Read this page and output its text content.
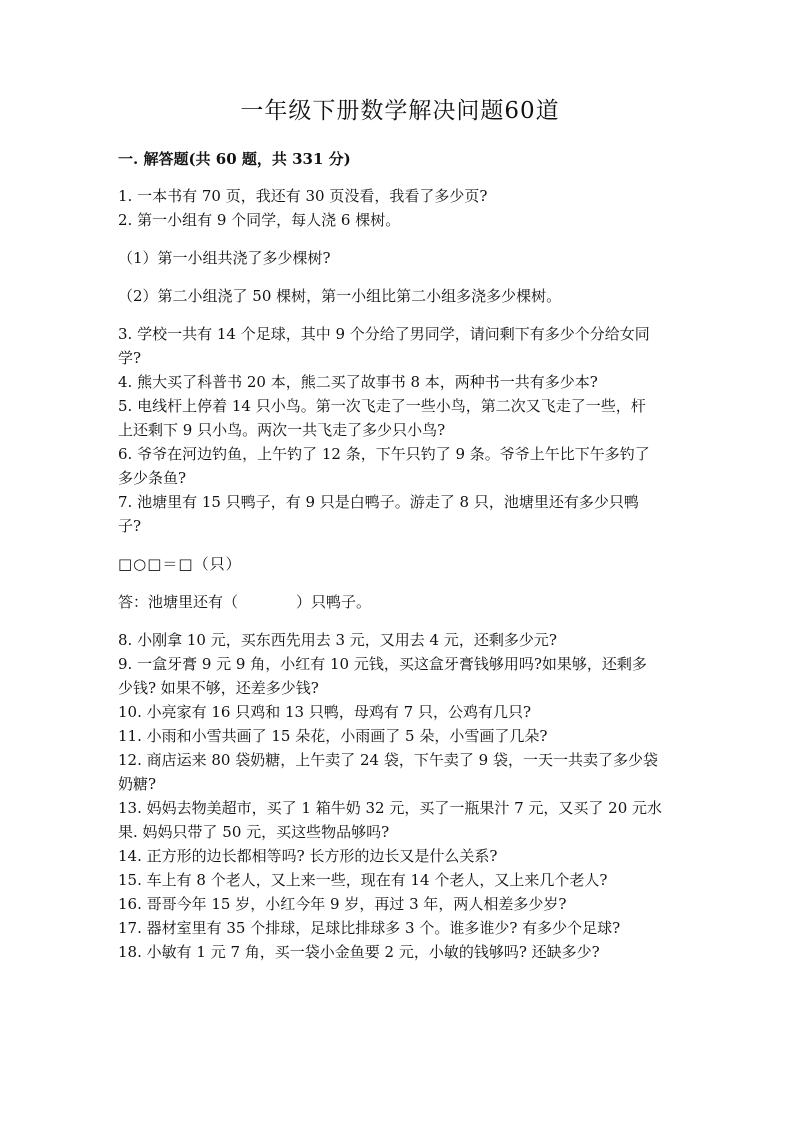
一年级下册数学解决问题60道
一. 解答题(共 60 题，共 331 分)
1. 一本书有 70 页，我还有 30 页没看，我看了多少页?
2. 第一小组有 9 个同学，每人浇 6 棵树。
（1）第一小组共浇了多少棵树?
（2）第二小组浇了 50 棵树，第一小组比第二小组多浇多少棵树。
3. 学校一共有 14 个足球，其中 9 个分给了男同学，请问剩下有多少个分给女同
学?
4. 熊大买了科普书 20 本，熊二买了故事书 8 本，两种书一共有多少本?
5. 电线杆上停着 14 只小鸟。第一次飞走了一些小鸟，第二次又飞走了一些，杆
上还剩下 9 只小鸟。两次一共飞走了多少只小鸟?
6. 爷爷在河边钓鱼，上午钓了 12 条，下午只钓了 9 条。爷爷上午比下午多钓了
多少条鱼?
7. 池塘里有 15 只鸭子，有 9 只是白鸭子。游走了 8 只，池塘里还有多少只鸭
子?
□○□＝□（只）
答：池塘里还有（	）只鸭子。
8. 小刚拿 10 元，买东西先用去 3 元，又用去 4 元，还剩多少元?
9. 一盒牙膏 9 元 9 角，小红有 10 元钱，买这盒牙膏钱够用吗?如果够，还剩多
少钱? 如果不够，还差多少钱?
10. 小亮家有 16 只鸡和 13 只鸭，母鸡有 7 只，公鸡有几只?
11. 小雨和小雪共画了 15 朵花，小雨画了 5 朵，小雪画了几朵?
12. 商店运来 80 袋奶糖，上午卖了 24 袋，下午卖了 9 袋，一天一共卖了多少袋
奶糖?
13. 妈妈去物美超市，买了 1 箱牛奶 32 元，买了一瓶果汁 7 元，又买了 20 元水
果. 妈妈只带了 50 元，买这些物品够吗?
14. 正方形的边长都相等吗? 长方形的边长又是什么关系?
15. 车上有 8 个老人，又上来一些，现在有 14 个老人，又上来几个老人?
16. 哥哥今年 15 岁，小红今年 9 岁，再过 3 年，两人相差多少岁?
17. 器材室里有 35 个排球，足球比排球多 3 个。谁多谁少? 有多少个足球?
18. 小敏有 1 元 7 角，买一袋小金鱼要 2 元，小敏的钱够吗? 还缺多少?
